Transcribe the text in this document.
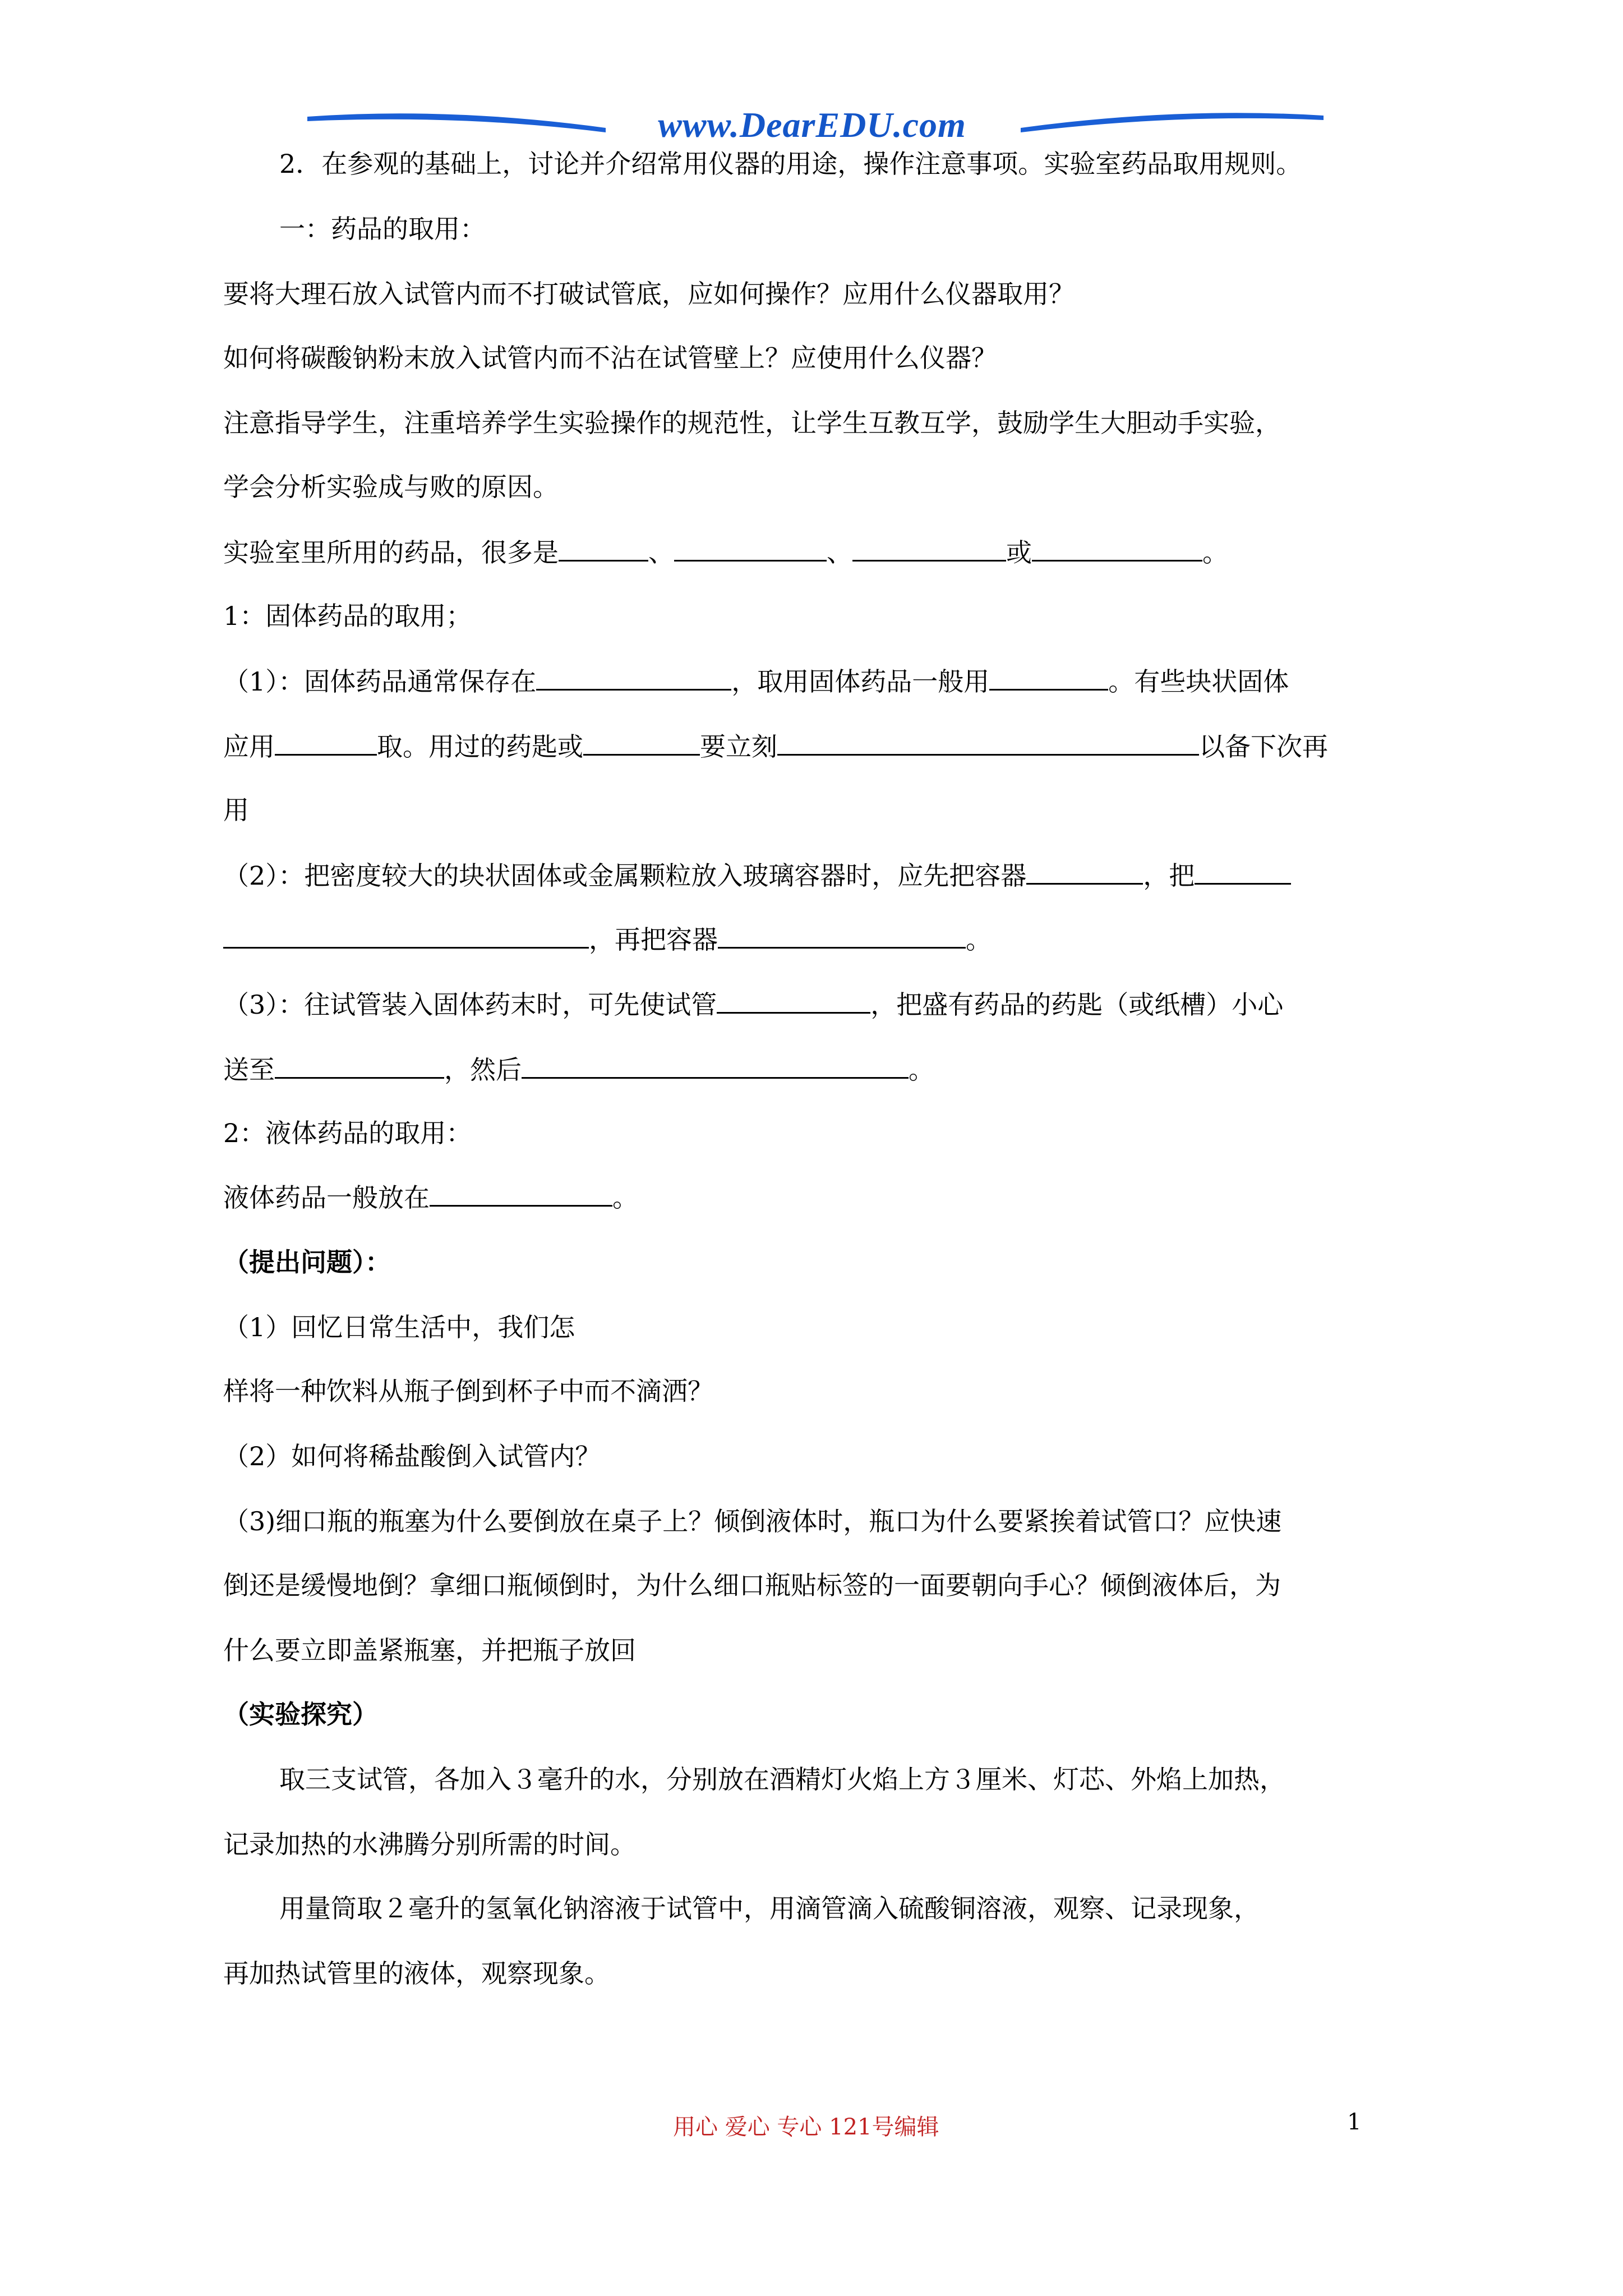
www.DearEDU.com
2．在参观的基础上，讨论并介绍常用仪器的用途，操作注意事项。实验室药品取用规则。
一：药品的取用：
要将大理石放入试管内而不打破试管底，应如何操作？应用什么仪器取用？
如何将碳酸钠粉末放入试管内而不沾在试管壁上？应使用什么仪器？
注意指导学生，注重培养学生实验操作的规范性，让学生互教互学，鼓励学生大胆动手实验，
学会分析实验成与败的原因。
实验室里所用的药品，很多是	、	、	或	。
1：固体药品的取用；
（1）：固体药品通常保存在	，取用固体药品一般用	。有些块状固体
应用	取。用过的药匙或	要立刻	以备下次再
用
（2）：把密度较大的块状固体或金属颗粒放入玻璃容器时，应先把容器	，把
，再把容器	。
（3）：往试管装入固体药末时，可先使试管	，把盛有药品的药匙（或纸槽）小心
送至	，然后	。
2：液体药品的取用：
液体药品一般放在	。
（提出问题）：
（1）回忆日常生活中，我们怎
样将一种饮料从瓶子倒到杯子中而不滴洒？
（2）如何将稀盐酸倒入试管内？
（3)细口瓶的瓶塞为什么要倒放在桌子上？倾倒液体时，瓶口为什么要紧挨着试管口？应快速
倒还是缓慢地倒？拿细口瓶倾倒时，为什么细口瓶贴标签的一面要朝向手心？倾倒液体后，为
什么要立即盖紧瓶塞，并把瓶子放回
（实验探究）
取三支试管，各加入３毫升的水，分别放在酒精灯火焰上方３厘米、灯芯、外焰上加热，
记录加热的水沸腾分别所需的时间。
用量筒取２毫升的氢氧化钠溶液于试管中，用滴管滴入硫酸铜溶液，观察、记录现象，
再加热试管里的液体，观察现象。
用心 爱心 专心 121号编辑	1
